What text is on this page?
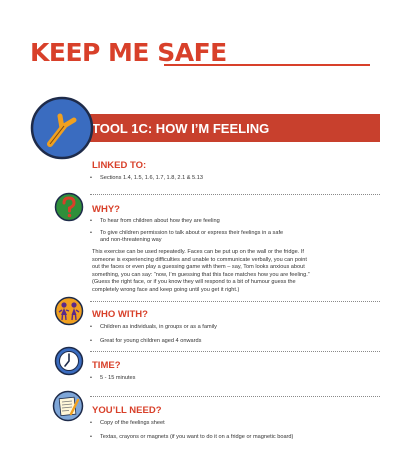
KEEP ME SAFE
TOOL 1C: HOW I’M FEELING
LINKED TO:
• Sections 1.4, 1.5, 1.6, 1.7, 1.8, 2.1 & 5.13
WHY?
• To hear from children about how they are feeling
• To give children permission to talk about or express their feelings in a safe
and non-threatening way
This exercise can be used repeatedly. Faces can be put up on the wall or the fridge. If
someone is experiencing difficulties and unable to communicate verbally, you can point
out the faces or even play a guessing game with them – say, Tom looks anxious about
something, you can say: “now, I’m guessing that this face matches how you are feeling.”
(Guess the right face, or if you know they will respond to a bit of humour guess the
completely wrong face and keep going until you get it right.)
WHO WITH?
• Children as individuals, in groups or as a family
• Great for young children aged 4 onwards
TIME?
• 5 - 15 minutes
YOU’LL NEED?
• Copy of the feelings sheet
• Textas, crayons or magnets (if you want to do it on a fridge or magnetic board)
